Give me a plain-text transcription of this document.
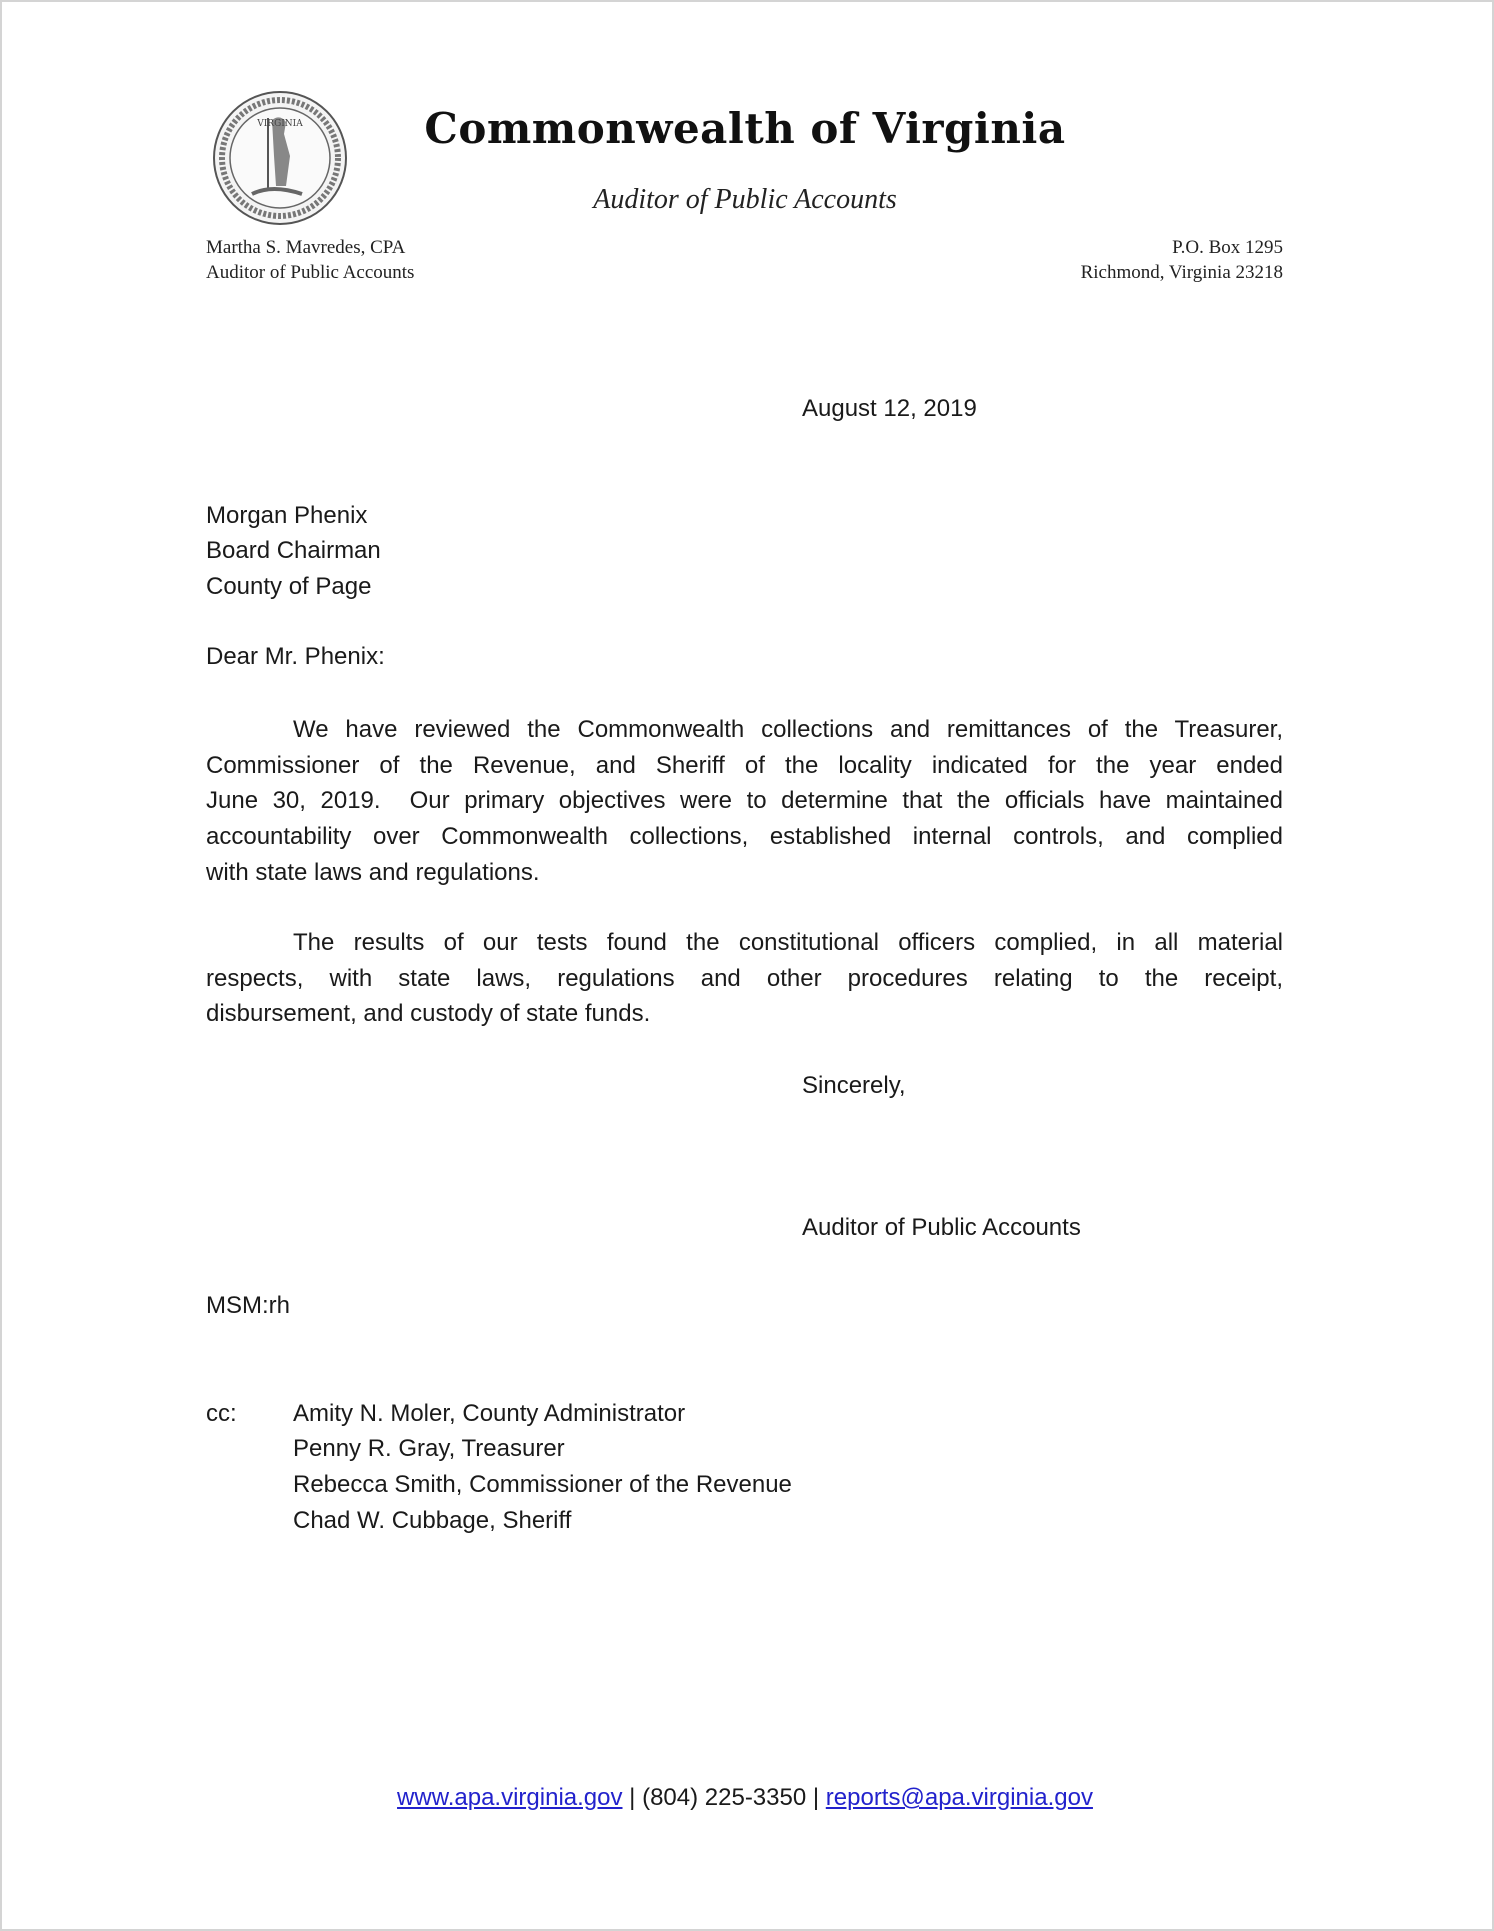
VIRGINIA	Commonwealth of Virginia
Auditor of Public Accounts
Martha S. Mavredes, CPA
Auditor of Public Accounts
P.O. Box 1295
Richmond, Virginia 23218
August 12, 2019
Morgan Phenix
Board Chairman
County of Page
Dear Mr. Phenix:
We have reviewed the Commonwealth collections and remittances of the Treasurer,
Commissioner of the Revenue, and Sheriff of the locality indicated for the year ended
June 30, 2019.  Our primary objectives were to determine that the officials have maintained
accountability over Commonwealth collections, established internal controls, and complied
with state laws and regulations.
The results of our tests found the constitutional officers complied, in all material
respects, with state laws, regulations and other procedures relating to the receipt,
disbursement, and custody of state funds.
Sincerely,
Auditor of Public Accounts
MSM:rh
cc: Amity N. Moler, County Administrator
Penny R. Gray, Treasurer
Rebecca Smith, Commissioner of the Revenue
Chad W. Cubbage, Sheriff
www.apa.virginia.gov | (804) 225-3350 | reports@apa.virginia.gov
